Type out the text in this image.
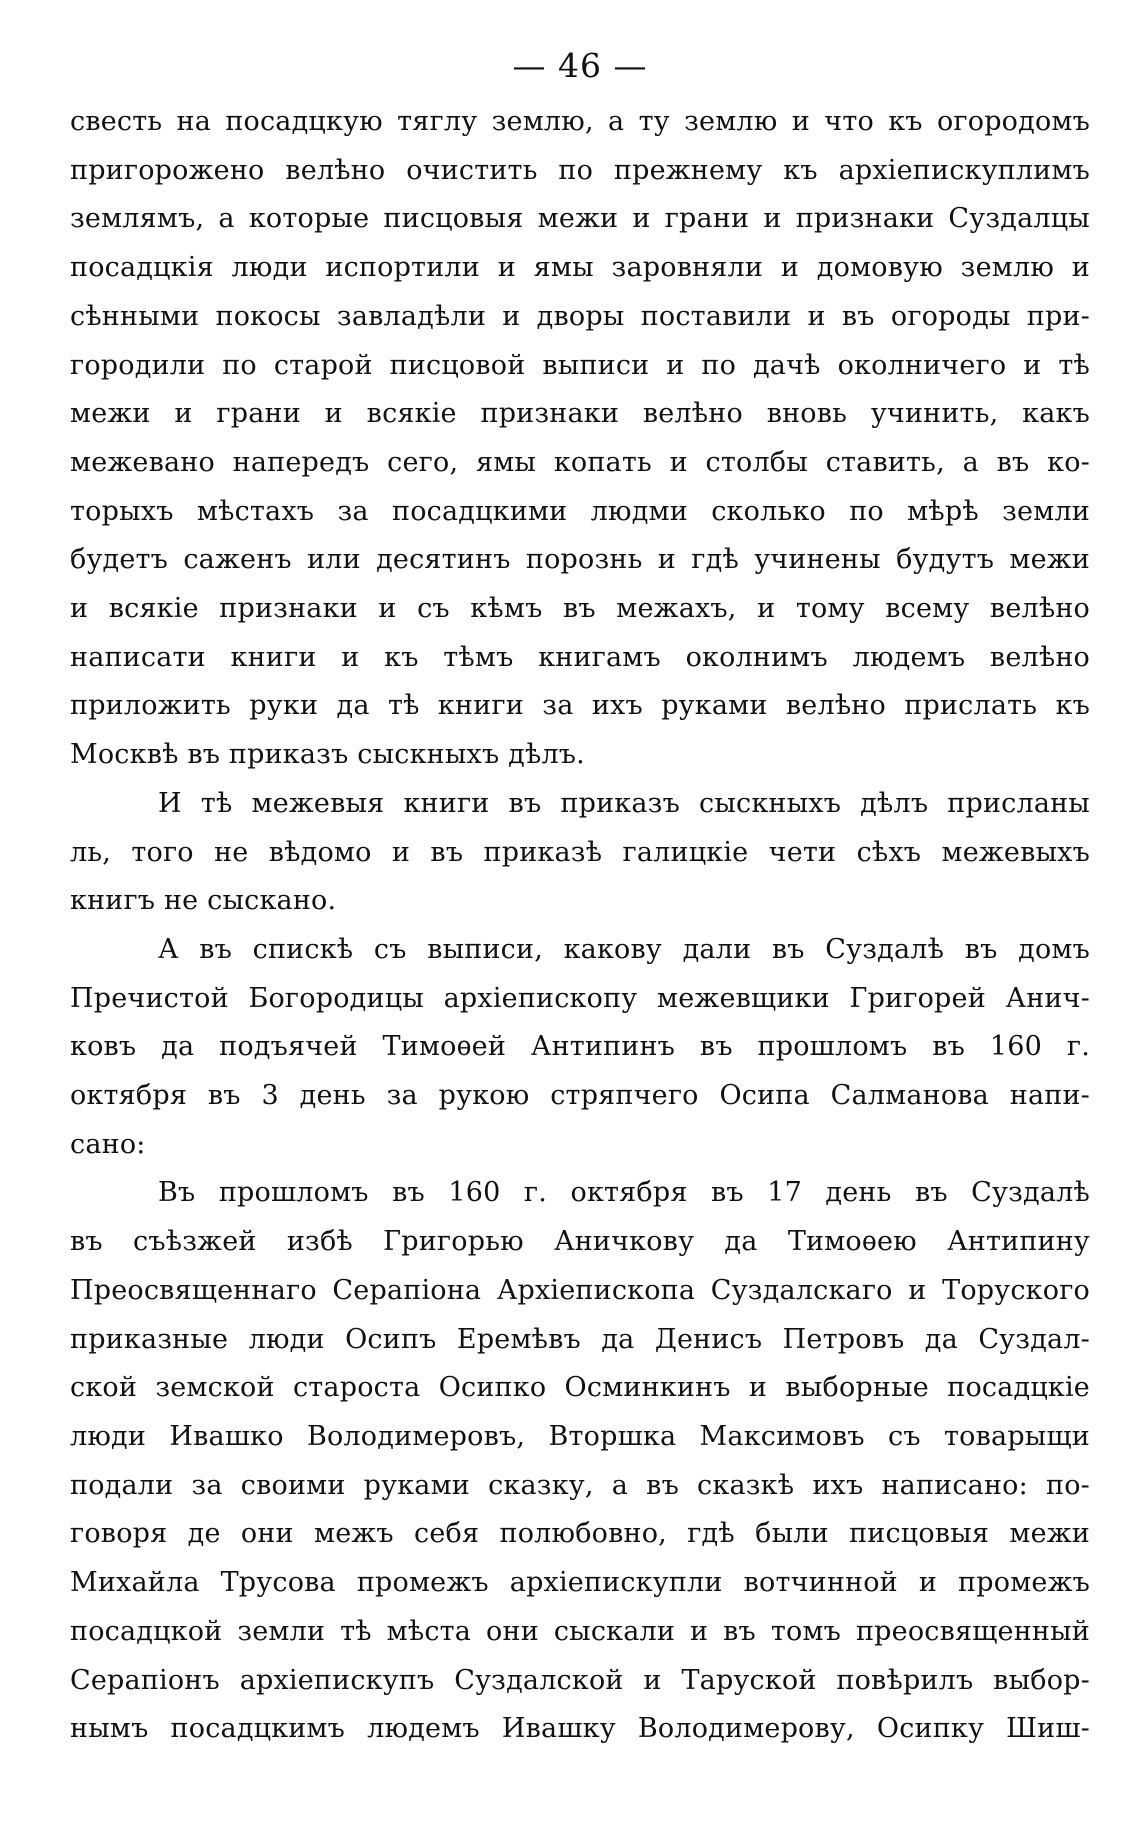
— 46 —
свесть на посадцкую тяглу землю, а ту землю и что къ огородомъ
пригорожено велѣно очистить по прежнему къ архіепискуплимъ
землямъ, а которые писцовыя межи и грани и признаки Суздалцы
посадцкія люди испортили и ямы заровняли и домовую землю и
сѣнными покосы завладѣли и дворы поставили и въ огороды при-
городили по старой писцовой выписи и по дачѣ околничего и тѣ
межи и грани и всякіе признаки велѣно вновь учинить, какъ
межевано напередъ сего, ямы копать и столбы ставить, а въ ко-
торыхъ мѣстахъ за посадцкими людми сколько по мѣрѣ земли
будетъ саженъ или десятинъ порознь и гдѣ учинены будутъ межи
и всякіе признаки и съ кѣмъ въ межахъ, и тому всему велѣно
написати книги и къ тѣмъ книгамъ околнимъ людемъ велѣно
приложить руки да тѣ книги за ихъ руками велѣно прислать къ
Москвѣ въ приказъ сыскныхъ дѣлъ.
И тѣ межевыя книги въ приказъ сыскныхъ дѣлъ присланы
ль, того не вѣдомо и въ приказѣ галицкіе чети сѣхъ межевыхъ
книгъ не сыскано.
А въ спискѣ съ выписи, какову дали въ Суздалѣ въ домъ
Пречистой Богородицы архіепископу межевщики Григорей Анич-
ковъ да подъячей Тимоѳей Антипинъ въ прошломъ въ 160 г.
октября въ 3 день за рукою стряпчего Осипа Салманова напи-
сано:
Въ прошломъ въ 160 г. октября въ 17 день въ Суздалѣ
въ съѣзжей избѣ Григорью Аничкову да Тимоѳею Антипину
Преосвященнаго Серапіона Архіепископа Суздалскаго и Торуского
приказные люди Осипъ Еремѣвъ да Денисъ Петровъ да Суздал-
ской земской староста Осипко Осминкинъ и выборные посадцкіе
люди Ивашко Володимеровъ, Вторшка Максимовъ съ товарыщи
подали за своими руками сказку, а въ сказкѣ ихъ написано: по-
говоря де они межъ себя полюбовно, гдѣ были писцовыя межи
Михайла Трусова промежъ архіепискупли вотчинной и промежъ
посадцкой земли тѣ мѣста они сыскали и въ томъ преосвященный
Серапіонъ архіепискупъ Суздалской и Таруской повѣрилъ выбор-
нымъ посадцкимъ людемъ Ивашку Володимерову, Осипку Шиш-
